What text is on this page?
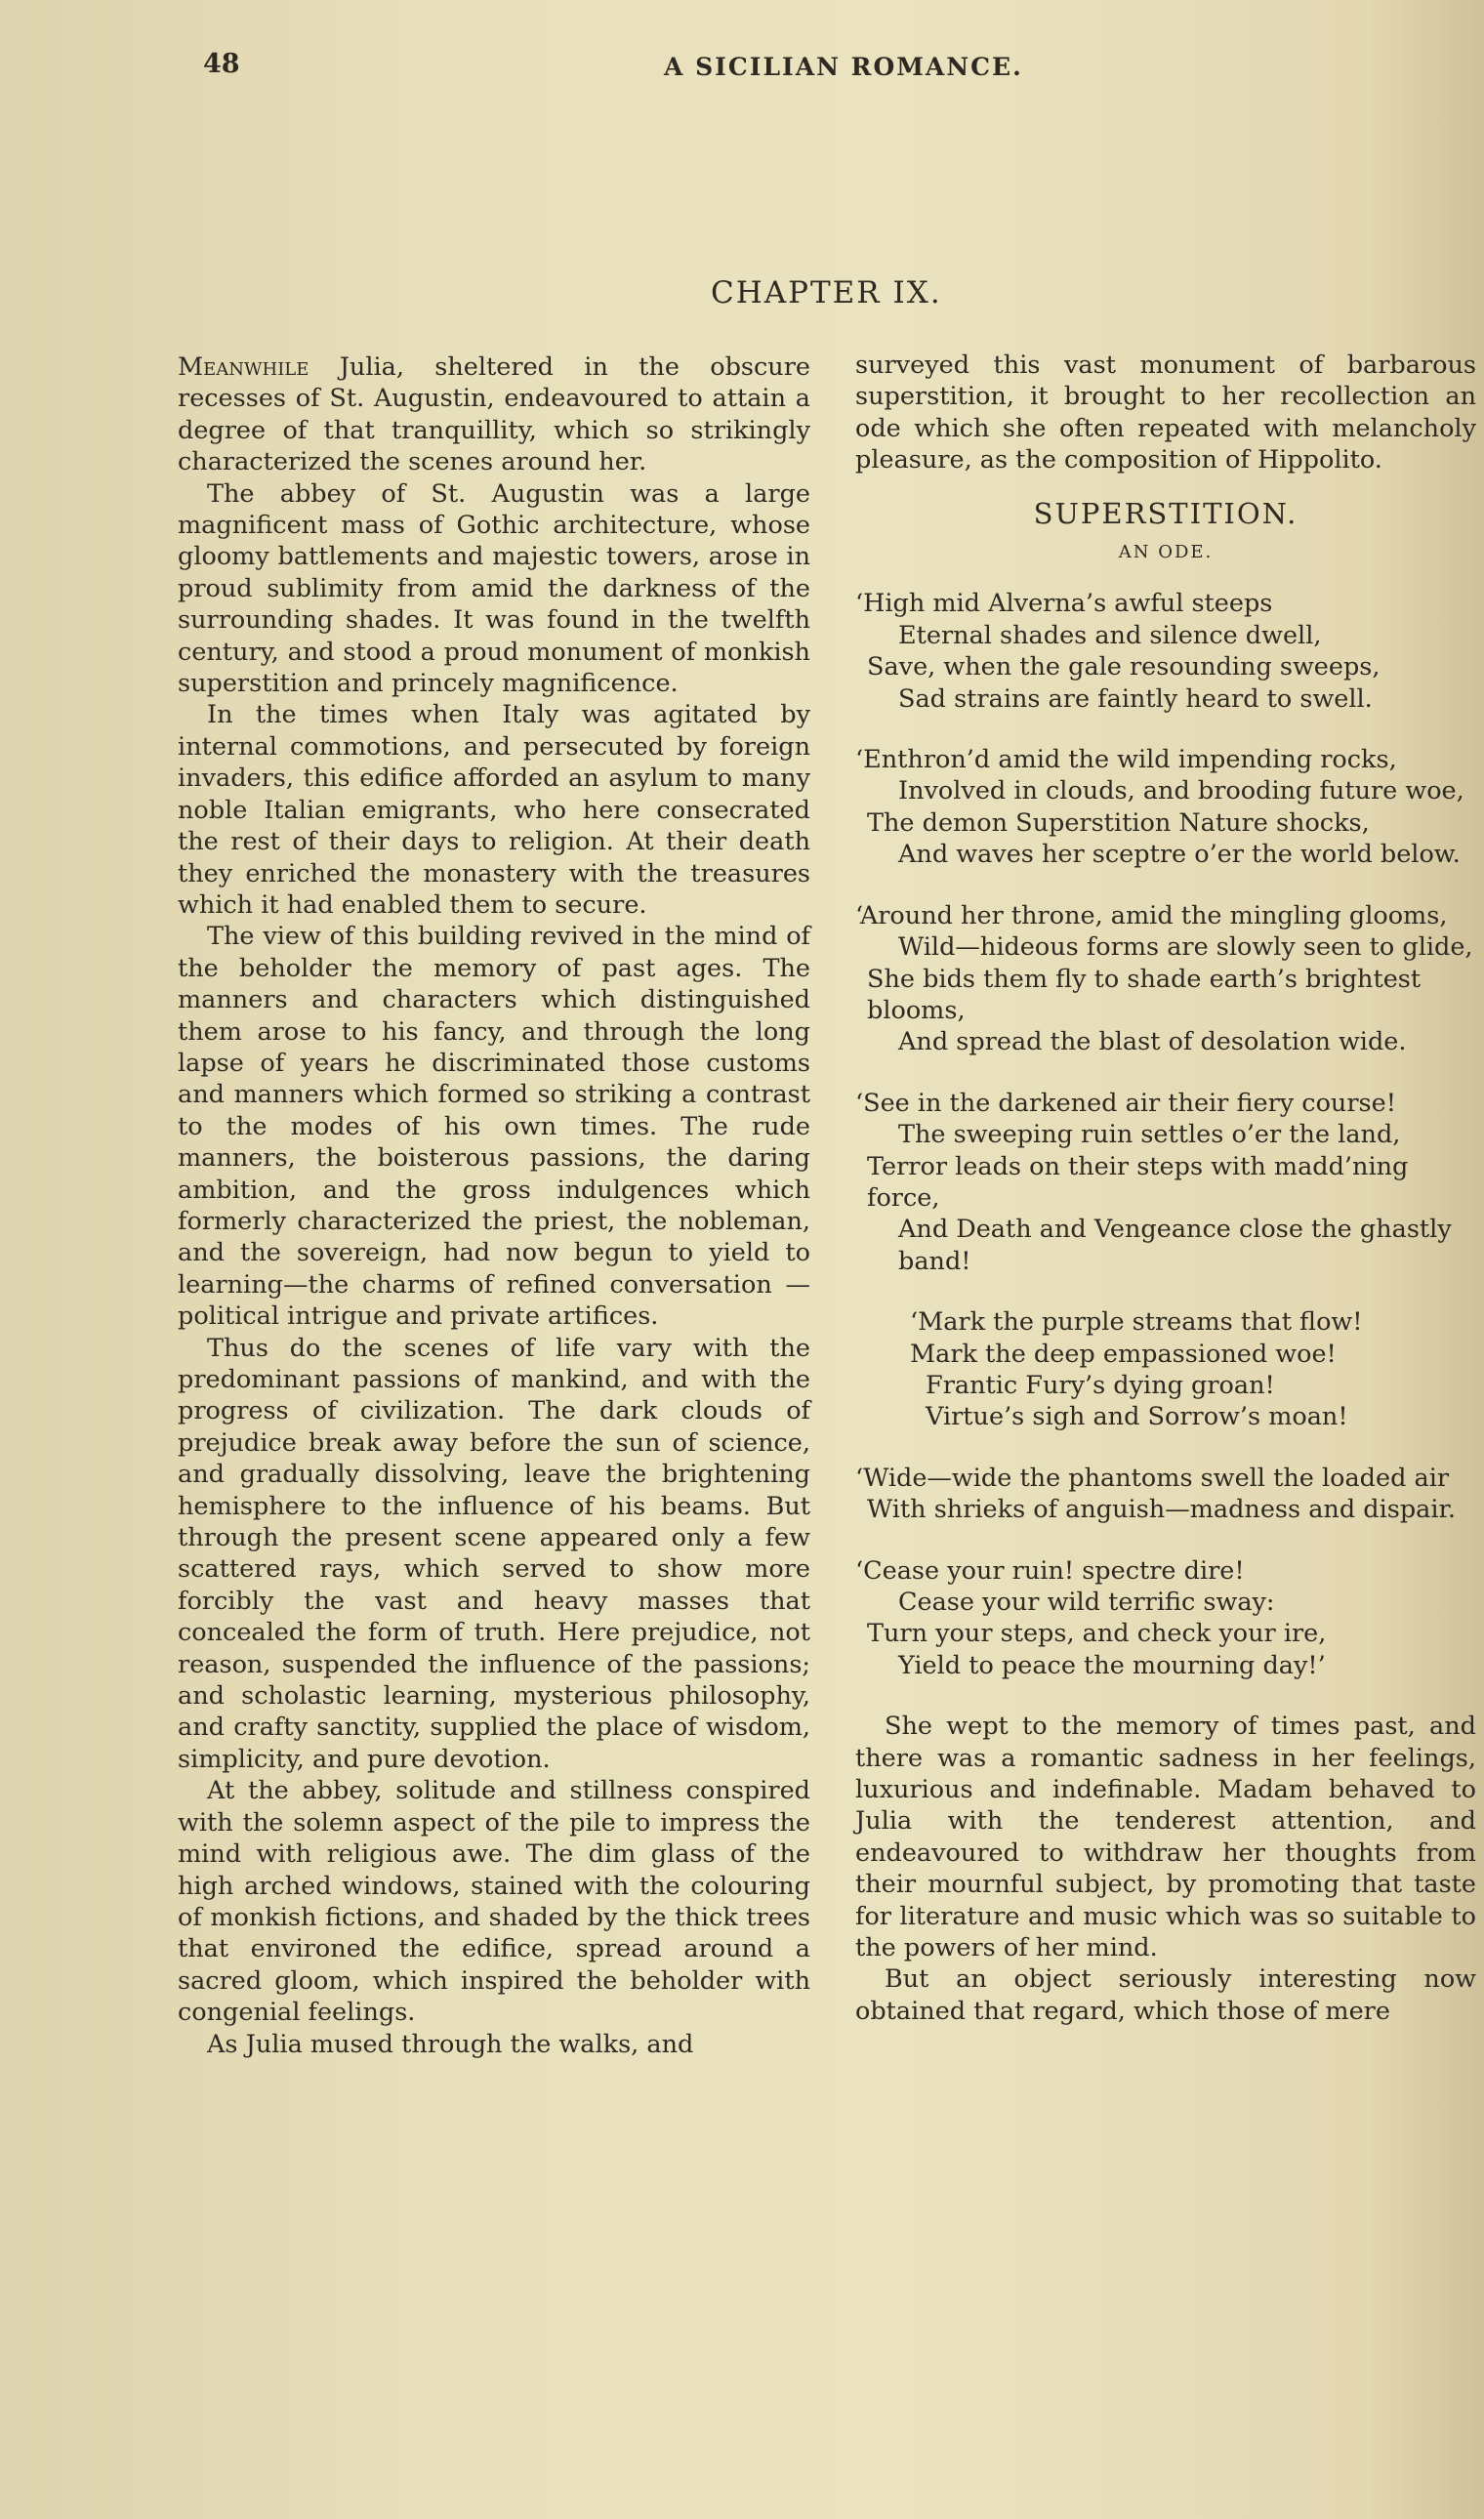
48	A SICILIAN ROMANCE.
CHAPTER IX.

Meanwhile Julia, sheltered in the obscure recesses of St. Augustin, endeavoured to attain a degree of that tranquillity, which so strikingly characterized the scenes around her.

The abbey of St. Augustin was a large magnificent mass of Gothic architecture, whose gloomy battlements and majestic towers, arose in proud sublimity from amid the darkness of the surrounding shades. It was found in the twelfth century, and stood a proud monument of monkish superstition and princely magnificence.

In the times when Italy was agitated by internal commotions, and persecuted by foreign invaders, this edifice afforded an asylum to many noble Italian emigrants, who here consecrated the rest of their days to religion. At their death they enriched the monastery with the treasures which it had enabled them to secure.

The view of this building revived in the mind of the beholder the memory of past ages. The manners and characters which distinguished them arose to his fancy, and through the long lapse of years he discriminated those customs and manners which formed so striking a contrast to the modes of his own times. The rude manners, the boisterous passions, the daring ambition, and the gross indulgences which formerly characterized the priest, the nobleman, and the sovereign, had now begun to yield to learning—the charms of refined conversation — political intrigue and private artifices.

Thus do the scenes of life vary with the predominant passions of mankind, and with the progress of civilization. The dark clouds of prejudice break away before the sun of science, and gradually dissolving, leave the brightening hemisphere to the influence of his beams. But through the present scene appeared only a few scattered rays, which served to show more forcibly the vast and heavy masses that concealed the form of truth. Here prejudice, not reason, suspended the influence of the passions; and scholastic learning, mysterious philosophy, and crafty sanctity, supplied the place of wisdom, simplicity, and pure devotion.

At the abbey, solitude and stillness conspired with the solemn aspect of the pile to impress the mind with religious awe. The dim glass of the high arched windows, stained with the colouring of monkish fictions, and shaded by the thick trees that environed the edifice, spread around a sacred gloom, which inspired the beholder with congenial feelings.

As Julia mused through the walks, and

surveyed this vast monument of barbarous superstition, it brought to her recollection an ode which she often repeated with melancholy pleasure, as the composition of Hippolito.

SUPERSTITION.
AN ODE.
‘High mid Alverna’s awful steeps
Eternal shades and silence dwell,
Save, when the gale resounding sweeps,
Sad strains are faintly heard to swell.
‘Enthron’d amid the wild impending rocks,
Involved in clouds, and brooding future woe,
The demon Superstition Nature shocks,
And waves her sceptre o’er the world below.
‘Around her throne, amid the mingling glooms,
Wild—hideous forms are slowly seen to glide,
She bids them fly to shade earth’s brightest blooms,
And spread the blast of desolation wide.
‘See in the darkened air their fiery course!
The sweeping ruin settles o’er the land,
Terror leads on their steps with madd’ning force,
And Death and Vengeance close the ghastly band!
‘Mark the purple streams that flow!
Mark the deep empassioned woe!
Frantic Fury’s dying groan!
Virtue’s sigh and Sorrow’s moan!
‘Wide—wide the phantoms swell the loaded air
With shrieks of anguish—madness and dispair.
‘Cease your ruin! spectre dire!
Cease your wild terrific sway:
Turn your steps, and check your ire,
Yield to peace the mourning day!’

She wept to the memory of times past, and there was a romantic sadness in her feelings, luxurious and indefinable. Madam behaved to Julia with the tenderest attention, and endeavoured to withdraw her thoughts from their mournful subject, by promoting that taste for literature and music which was so suitable to the powers of her mind.

But an object seriously interesting now obtained that regard, which those of mere
